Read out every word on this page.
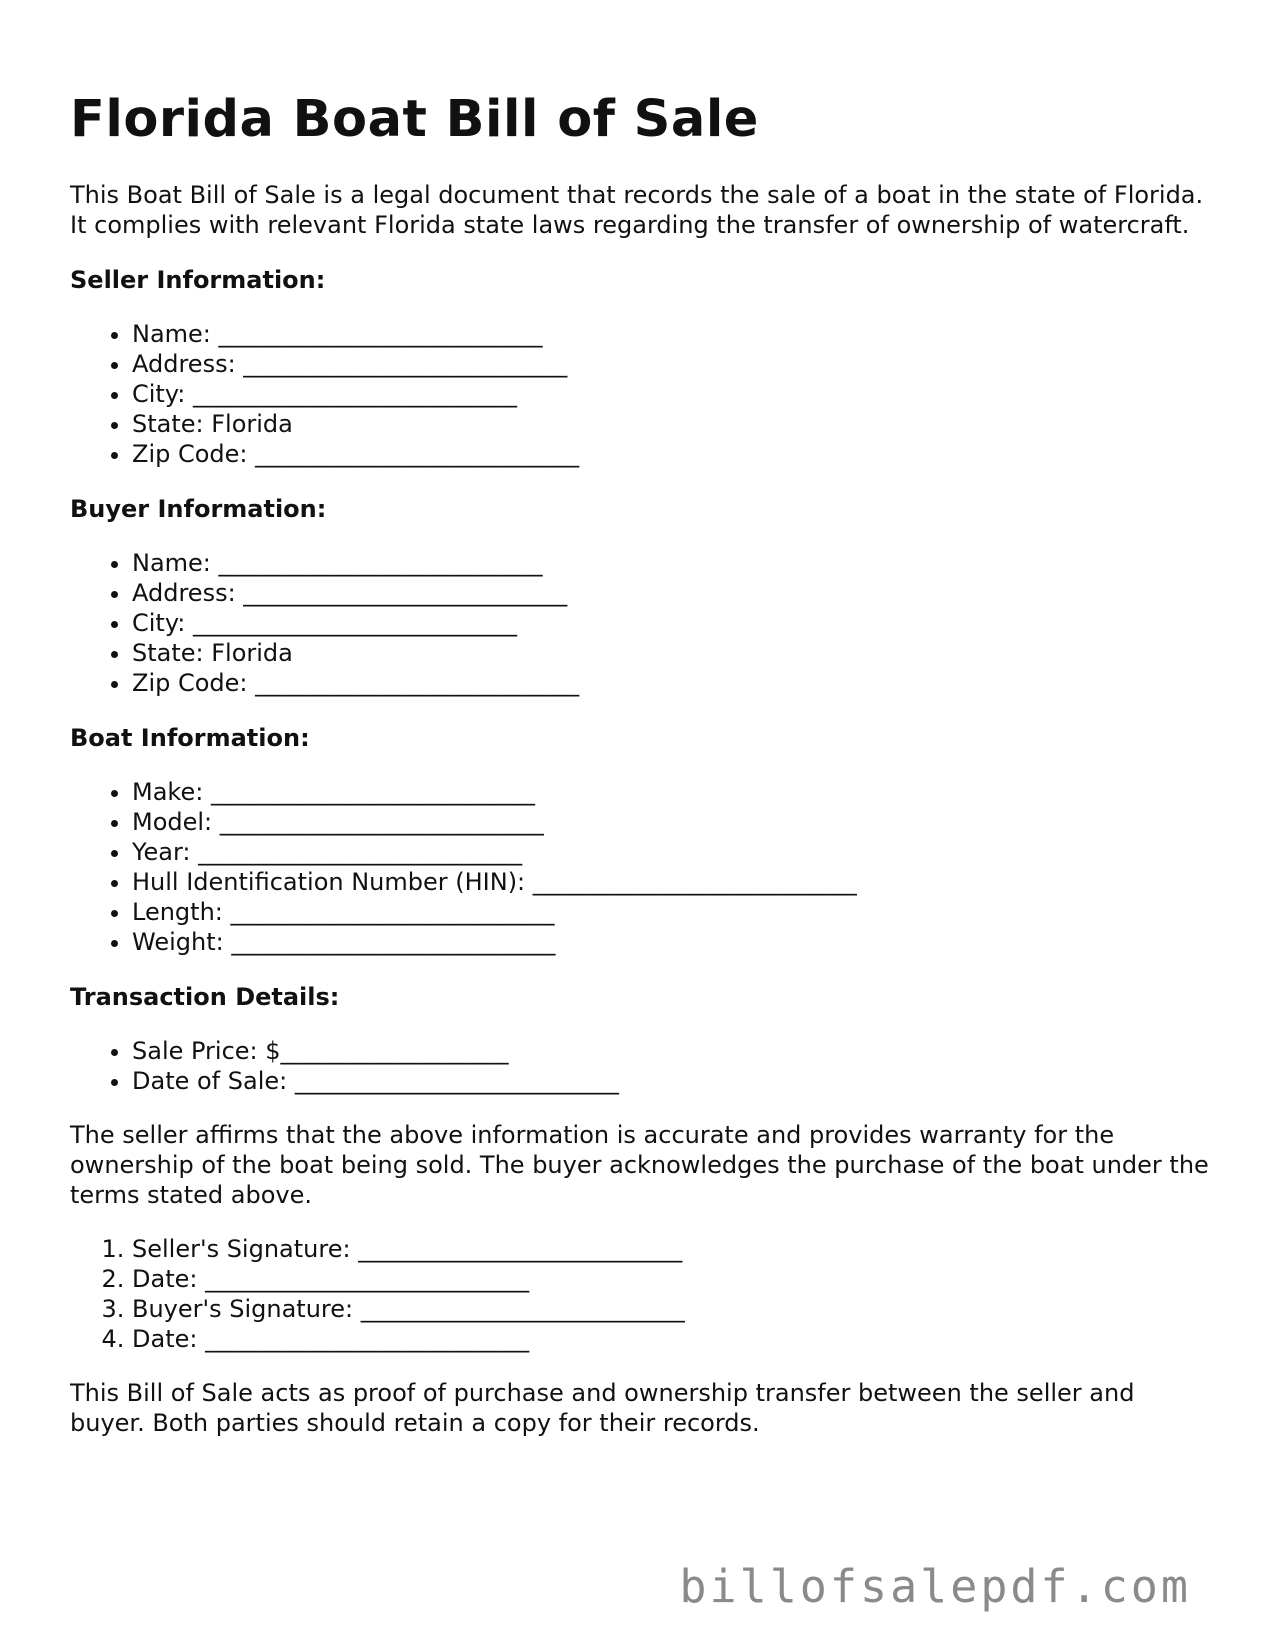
Florida Boat Bill of Sale

This Boat Bill of Sale is a legal document that records the sale of a boat in the state of Florida. It complies with relevant Florida state laws regarding the transfer of ownership of watercraft.

Seller Information:
• Name: ___________________________
• Address: ___________________________
• City: ___________________________
• State: Florida
• Zip Code: ___________________________
Buyer Information:
• Name: ___________________________
• Address: ___________________________
• City: ___________________________
• State: Florida
• Zip Code: ___________________________
Boat Information:
• Make: ___________________________
• Model: ___________________________
• Year: ___________________________
• Hull Identification Number (HIN): ___________________________
• Length: ___________________________
• Weight: ___________________________
Transaction Details:
• Sale Price: $___________________
• Date of Sale: ___________________________

The seller affirms that the above information is accurate and provides warranty for the ownership of the boat being sold. The buyer acknowledges the purchase of the boat under the terms stated above.

1. Seller's Signature: ___________________________
2. Date: ___________________________
3. Buyer's Signature: ___________________________
4. Date: ___________________________

This Bill of Sale acts as proof of purchase and ownership transfer between the seller and buyer. Both parties should retain a copy for their records.

billofsalepdf.com
